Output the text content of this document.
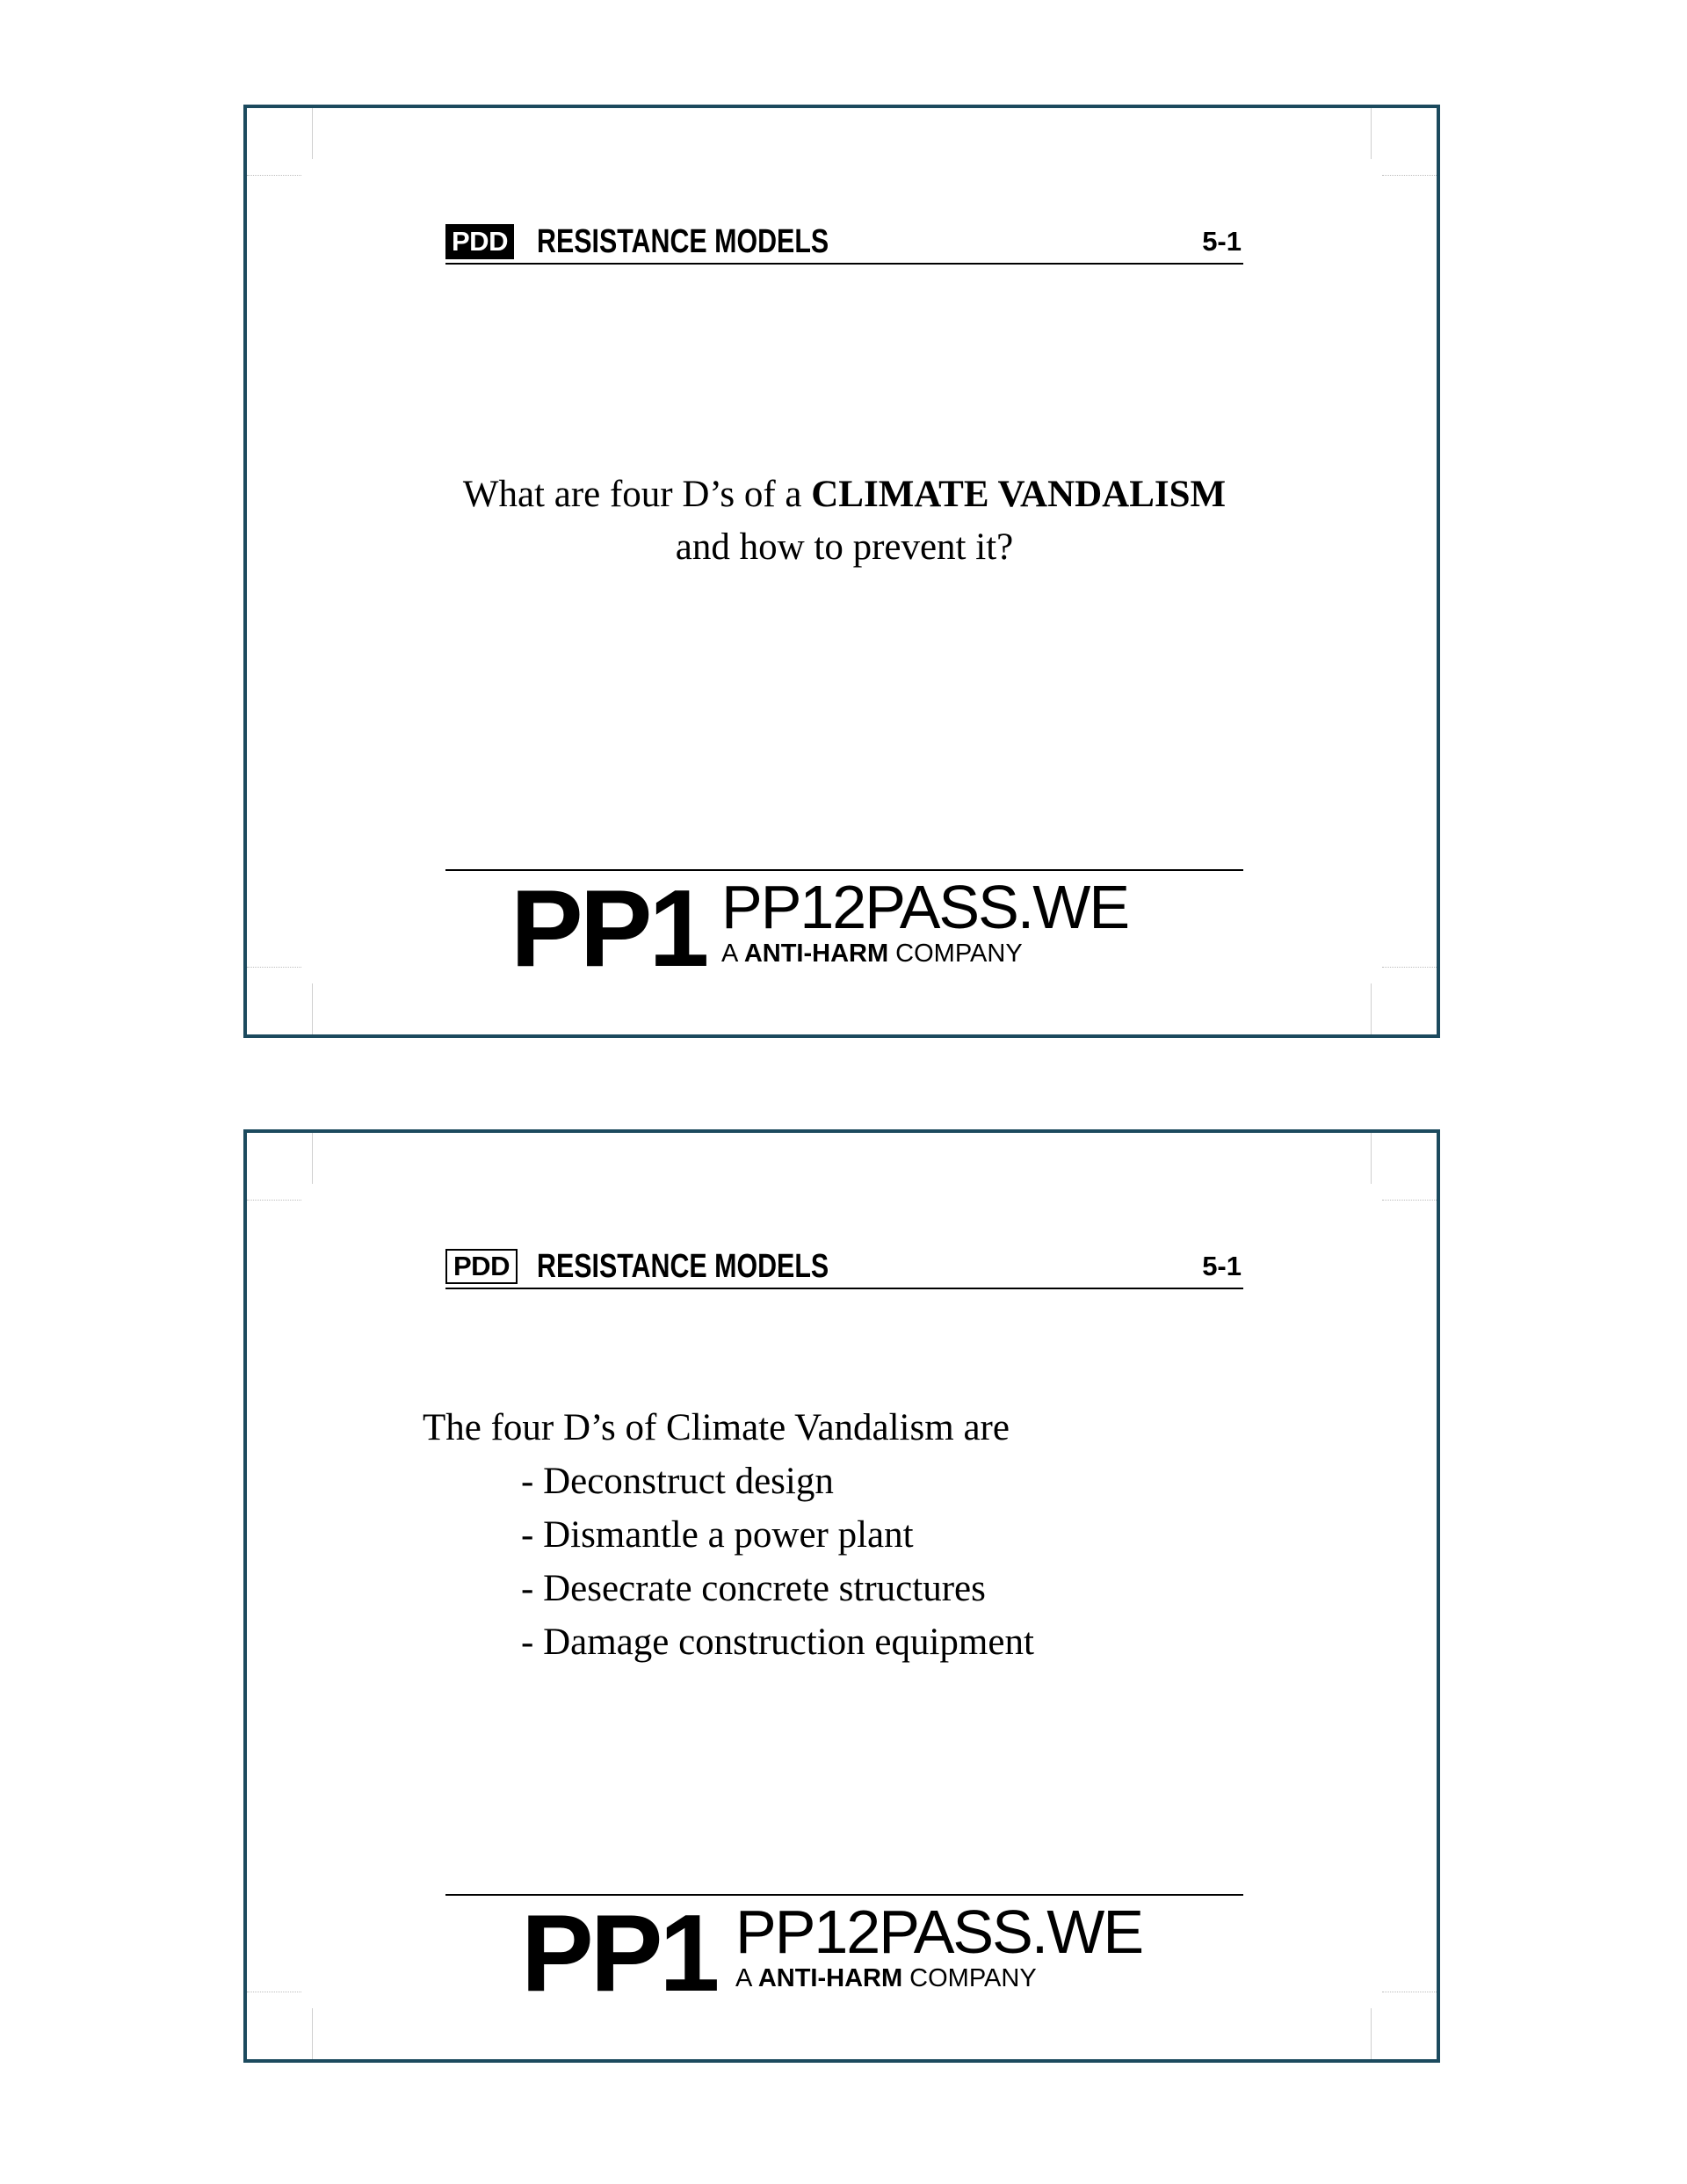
PDD RESISTANCE MODELS	5-1
What are four D’s of a CLIMATE VANDALISM
and how to prevent it?
PP1 PP12PASS.WE
A ANTI-HARM COMPANY
PDD RESISTANCE MODELS	5-1
The four D’s of Climate Vandalism are
- Deconstruct design
- Dismantle a power plant
- Desecrate concrete structures
- Damage construction equipment
PP1 PP12PASS.WE
A ANTI-HARM COMPANY
